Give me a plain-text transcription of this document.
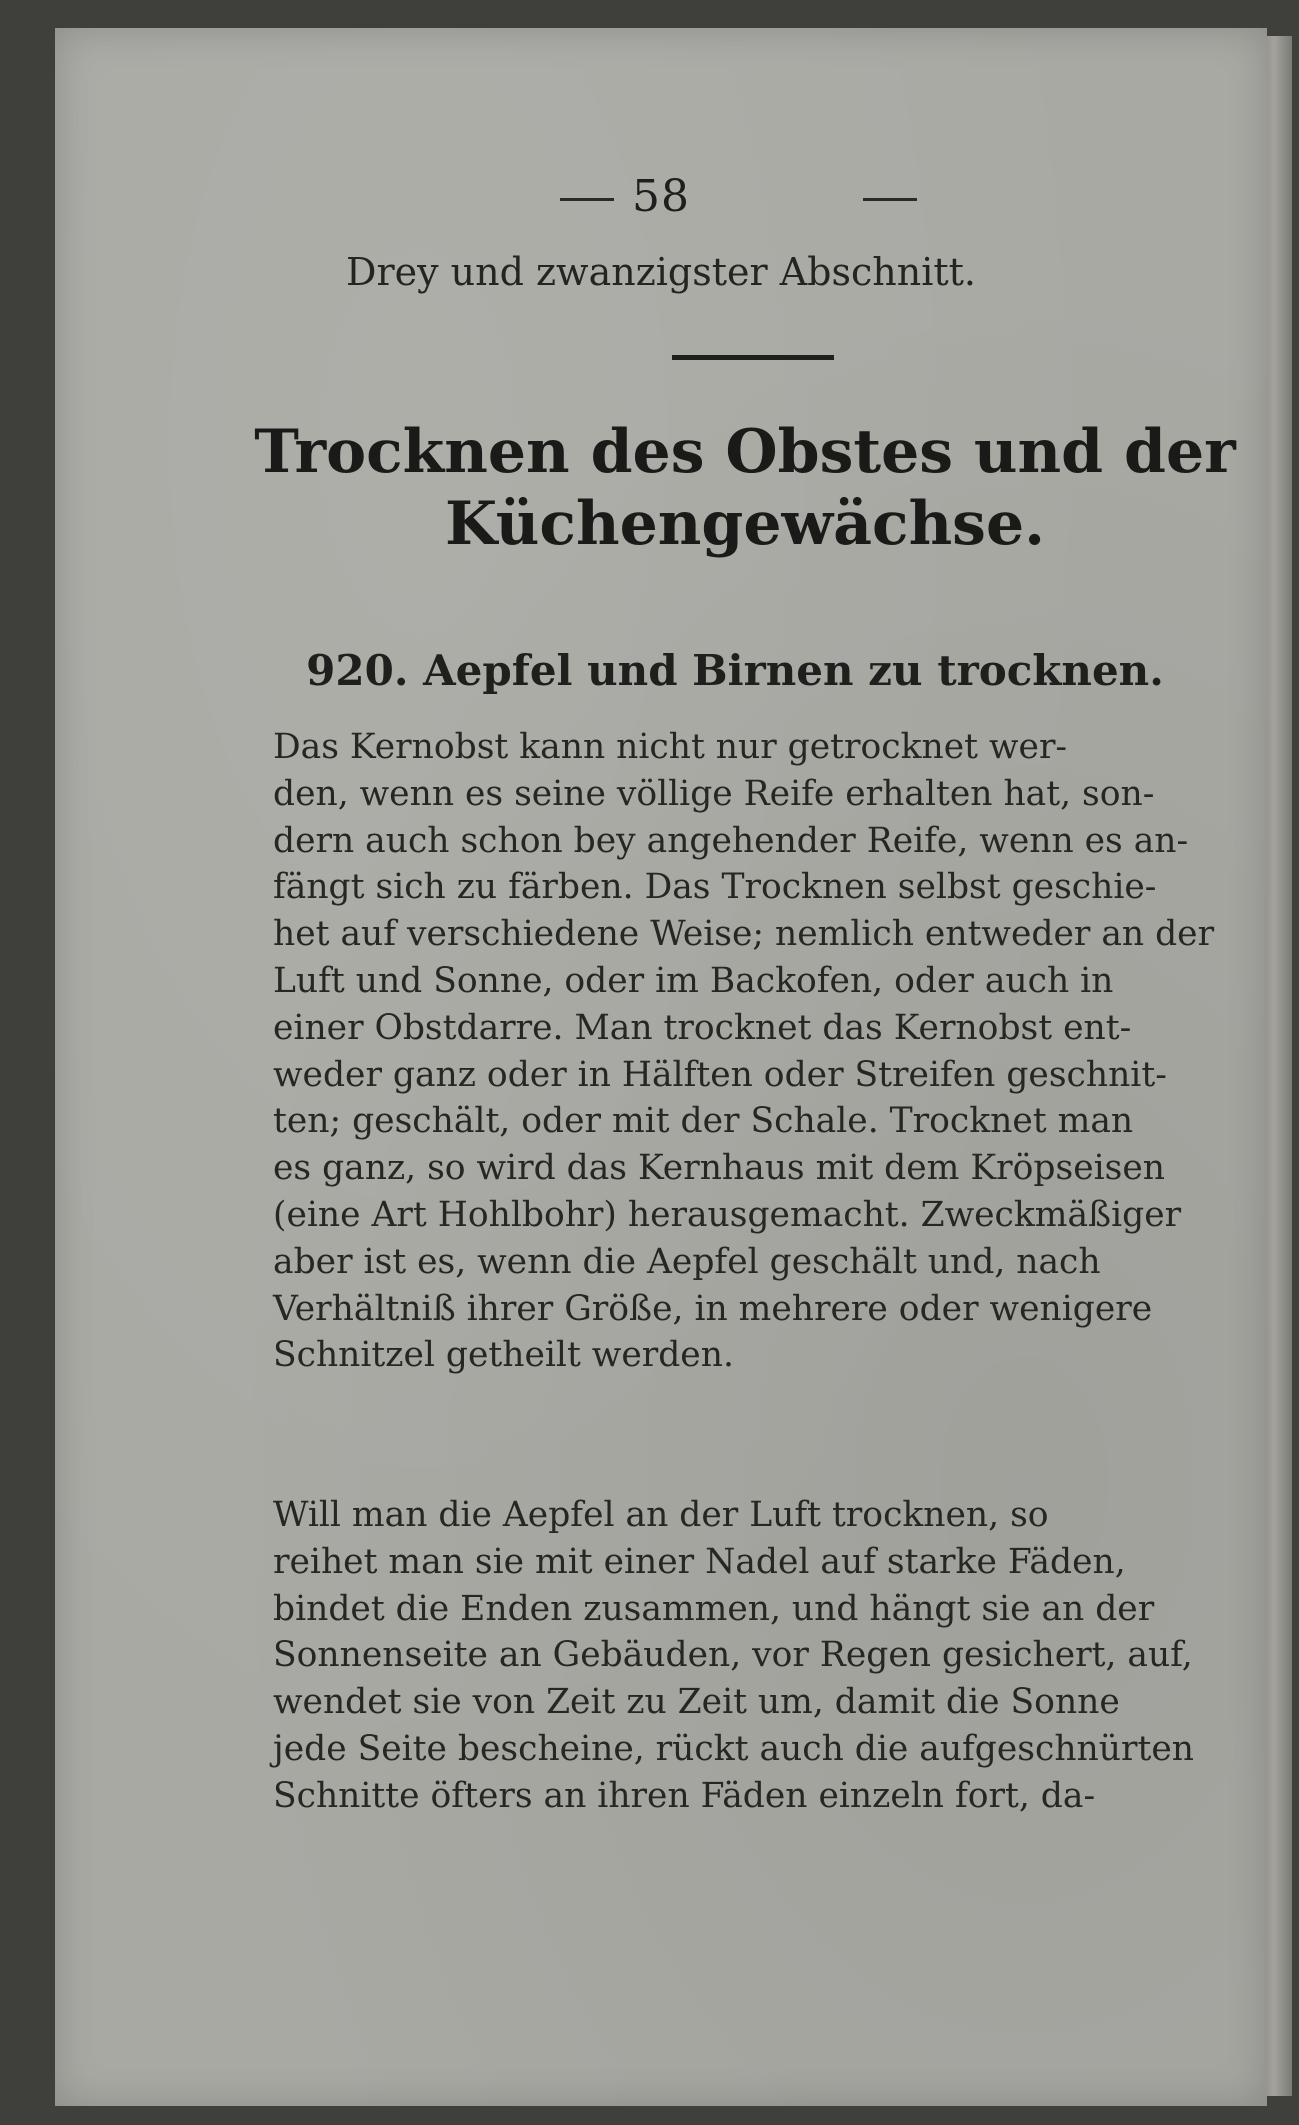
58
Drey und zwanzigster Abschnitt.
Trocknen des Obstes und der Küchengewächse.
920. Aepfel und Birnen zu trocknen.
Das Kernobst kann nicht nur getrocknet wer-
den, wenn es seine völlige Reife erhalten hat, son-
dern auch schon bey angehender Reife, wenn es an-
fängt sich zu färben. Das Trocknen selbst geschie-
het auf verschiedene Weise; nemlich entweder an der
Luft und Sonne, oder im Backofen, oder auch in
einer Obstdarre. Man trocknet das Kernobst ent-
weder ganz oder in Hälften oder Streifen geschnit-
ten; geschält, oder mit der Schale. Trocknet man
es ganz, so wird das Kernhaus mit dem Kröpseisen
(eine Art Hohlbohr) herausgemacht. Zweckmäßiger
aber ist es, wenn die Aepfel geschält und, nach
Verhältniß ihrer Größe, in mehrere oder wenigere
Schnitzel getheilt werden.
Will man die Aepfel an der Luft trocknen, so
reihet man sie mit einer Nadel auf starke Fäden,
bindet die Enden zusammen, und hängt sie an der
Sonnenseite an Gebäuden, vor Regen gesichert, auf,
wendet sie von Zeit zu Zeit um, damit die Sonne
jede Seite bescheine, rückt auch die aufgeschnürten
Schnitte öfters an ihren Fäden einzeln fort, da-
